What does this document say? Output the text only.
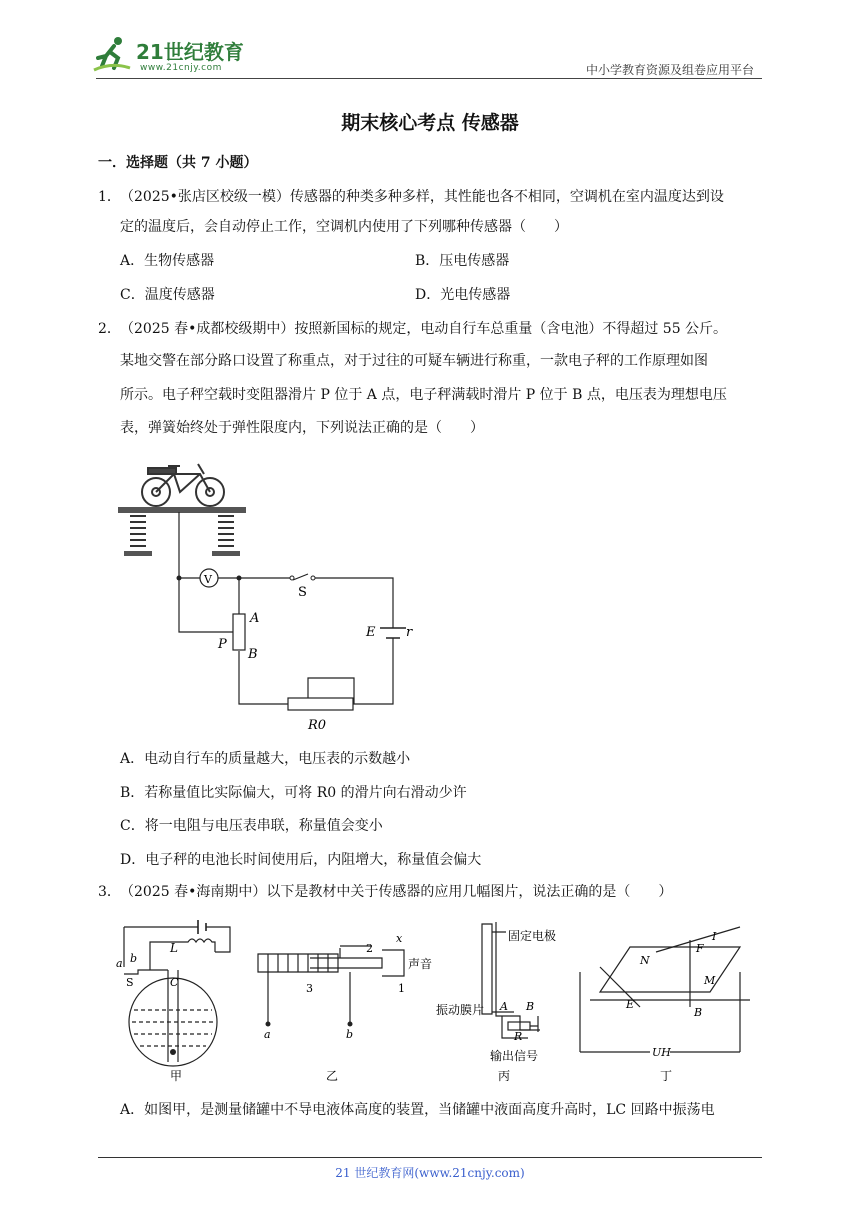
21世纪教育
www.21cnjy.com	中小学教育资源及组卷应用平台
期末核心考点 传感器
一．选择题（共 7 小题）
1． （2025•张店区校级一模）传感器的种类多种多样，其性能也各不相同，空调机在室内温度达到设
定的温度后，会自动停止工作，空调机内使用了下列哪种传感器（　　）
A．生物传感器	B．压电传感器
C．温度传感器	D．光电传感器
2． （2025 春•成都校级期中）按照新国标的规定，电动自行车总重量（含电池）不得超过 55 公斤。
某地交警在部分路口设置了称重点，对于过往的可疑车辆进行称重，一款电子秤的工作原理如图
所示。电子秤空载时变阻器滑片 P 位于 A 点，电子秤满载时滑片 P 位于 B 点，电压表为理想电压
表，弹簧始终处于弹性限度内，下列说法正确的是（　　）
V
S
A
P
B
E r
R0
A．电动自行车的质量越大，电压表的示数越小
B．若称量值比实际偏大，可将 R0 的滑片向右滑动少许
C．将一电阻与电压表串联，称量值会变小
D．电子秤的电池长时间使用后，内阻增大，称量值会偏大
3． （2025 春•海南期中）以下是教材中关于传感器的应用几幅图片，说法正确的是（　　）
L
a b
S	C
2
x
声音
3	1
a	b
固定电极
振动膜片 A B
R
输出信号
N
F
I
M
E
B
UH
甲	乙	丙	丁
A．如图甲，是测量储罐中不导电液体高度的装置，当储罐中液面高度升高时，LC 回路中振荡电
21 世纪教育网(www.21cnjy.com)
